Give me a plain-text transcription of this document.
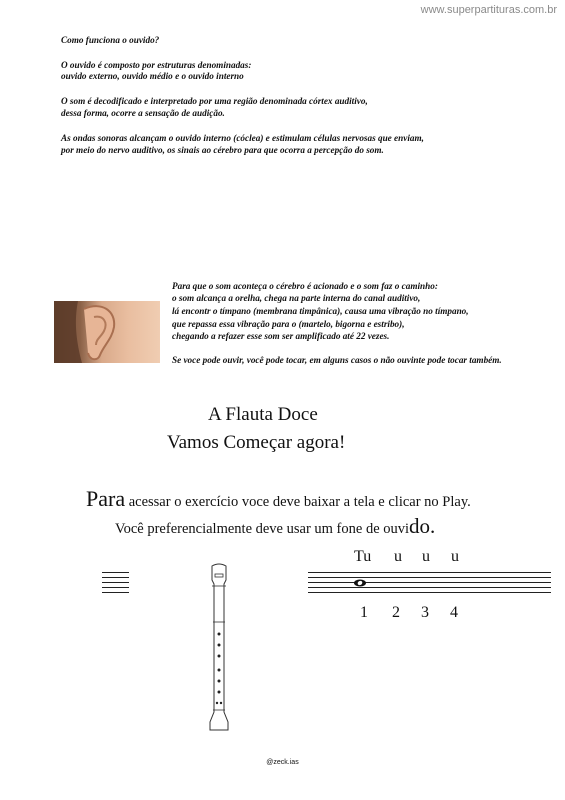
www.superpartituras.com.br
Como funciona o ouvido?
O ouvido é composto por estruturas denominadas:
ouvido externo, ouvido médio e o ouvido interno
O som é decodificado e interpretado por uma região denominada córtex auditivo,
dessa forma, ocorre a sensação de audição.
As ondas sonoras alcançam o ouvido interno (cóclea) e estimulam células nervosas que enviam,
por meio do nervo auditivo, os sinais ao cérebro para que ocorra a percepção do som.
Para que o som aconteça o cérebro é acionado e o som faz o caminho:
o som alcança a orelha, chega na parte interna do canal auditivo,
lá encontr o tímpano (membrana timpânica), causa uma vibração no tímpano,
que repassa essa vibração para o (martelo, bigorna e estribo),
chegando a refazer esse som ser amplificado até 22 vezes.
Se voce pode ouvir, você pode tocar, em alguns casos o não ouvinte pode tocar também.
A Flauta Doce
Vamos Começar agora!
Para acessar o exercício voce deve baixar a tela e clicar no Play.
Você preferencialmente deve usar um fone de ouvido.
Tu u u u
1 2 3 4
@zeck.ias
